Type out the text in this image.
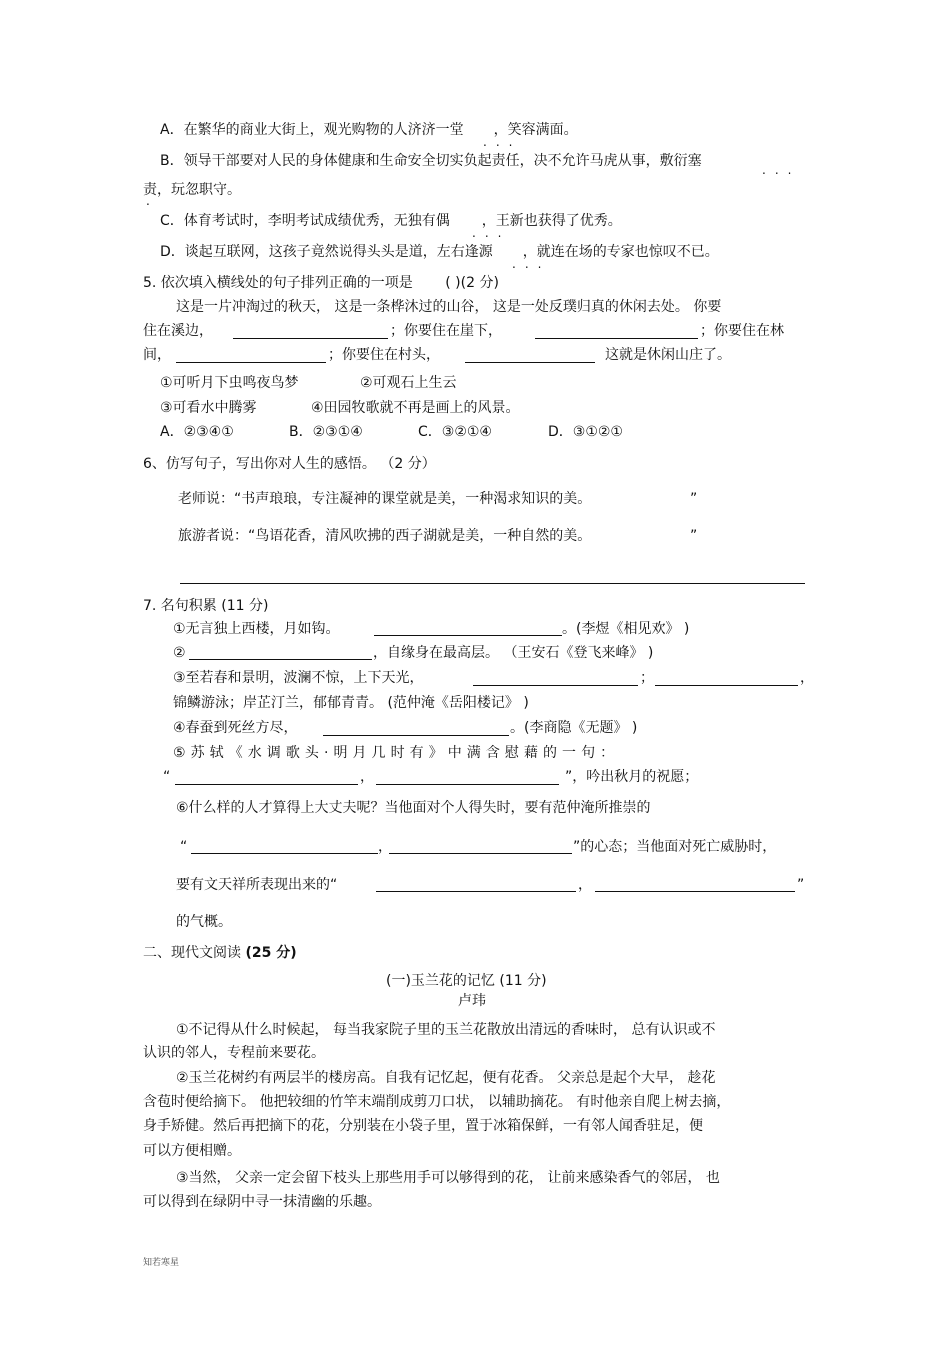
A．在繁华的商业大街上，观光购物的人济济一堂 ，笑容满面。
...
B．领导干部要对人民的身体健康和生命安全切实负起责任，决不允许马虎从事，敷衍塞
...
责，玩忽职守。
.
C．体育考试时，李明考试成绩优秀，无独有偶 ，王新也获得了优秀。
...
D．谈起互联网，这孩子竟然说得头头是道，左右逢源 ，就连在场的专家也惊叹不已。
...
5. 依次填入横线处的句子排列正确的一项是 ( )(2 分)
这是一片冲淘过的秋天， 这是一条桦沐过的山谷， 这是一处反璞归真的休闲去处。 你要
住在溪边，	；你要住在崖下，	；你要住在林
间，	；你要住在村头，	这就是休闲山庄了。
①可听月下虫鸣夜鸟梦	②可观石上生云
③可看水中腾雾	④田园牧歌就不再是画上的风景。
A．②③④①	B．②③①④	C．③②①④	D．③①②①
6、仿写句子，写出你对人生的感悟。 （2 分）
老师说：“书声琅琅，专注凝神的课堂就是美，一种渴求知识的美。	”
旅游者说：“鸟语花香，清风吹拂的西子湖就是美，一种自然的美。	”
7. 名句积累 (11 分)
①无言独上西楼，月如钩。	。(李煜《相见欢》 )
②	，自缘身在最高层。 （王安石《登飞来峰》 )
③至若春和景明，波澜不惊，上下天光，	；	，
锦鳞游泳；岸芷汀兰，郁郁青青。 (范仲淹《岳阳楼记》 )
④春蚕到死丝方尽，	。(李商隐《无题》 )
⑤ 苏 轼 《 水 调 歌 头 · 明 月 几 时 有 》 中 满 含 慰 藉 的 一 句 ：
“	，	”，吟出秋月的祝愿；
⑥什么样的人才算得上大丈夫呢？当他面对个人得失时，要有范仲淹所推崇的
“	，	”的心态；当他面对死亡威胁时，
要有文天祥所表现出来的“	，	”
的气概。
二、现代文阅读 (25 分)
(一)玉兰花的记忆 (11 分)
卢玮
①不记得从什么时候起， 每当我家院子里的玉兰花散放出清远的香味时， 总有认识或不
认识的邻人，专程前来要花。
②玉兰花树约有两层半的楼房高。自我有记忆起，便有花香。 父亲总是起个大早， 趁花
含苞时便给摘下。 他把较细的竹竿末端削成剪刀口状， 以辅助摘花。 有时他亲自爬上树去摘，
身手矫健。然后再把摘下的花，分别装在小袋子里，置于冰箱保鲜，一有邻人闻香驻足，便
可以方便相赠。
③当然， 父亲一定会留下枝头上那些用手可以够得到的花， 让前来感染香气的邻居， 也
可以得到在绿阴中寻一抹清幽的乐趣。
知若寒星
